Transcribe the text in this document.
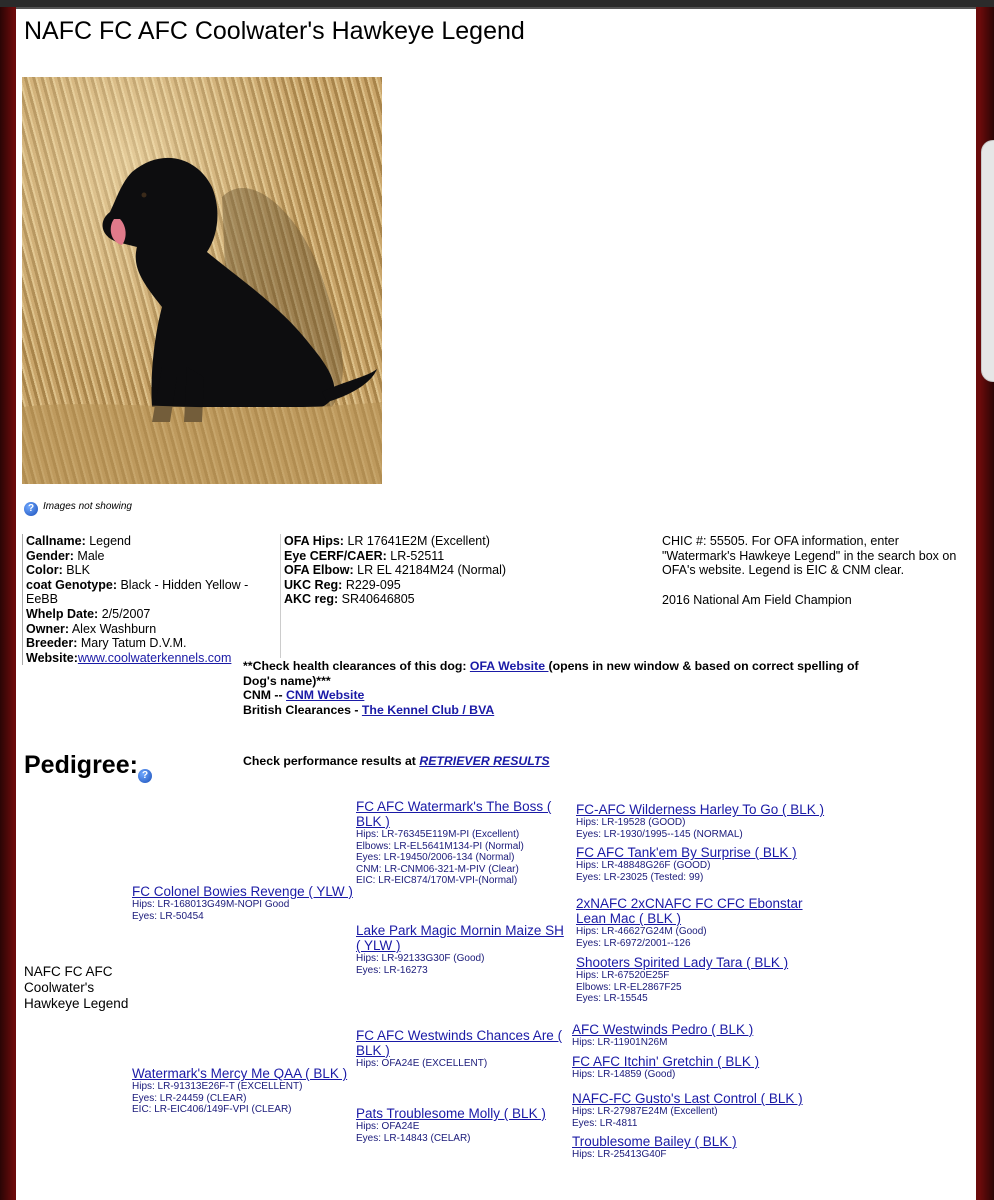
NAFC FC AFC Coolwater's Hawkeye Legend
? Images not showing
Callname: Legend
Gender: Male
Color: BLK
coat Genotype: Black - Hidden Yellow - EeBB
Whelp Date: 2/5/2007
Owner: Alex Washburn
Breeder: Mary Tatum D.V.M.
Website:www.coolwaterkennels.com
OFA Hips: LR 17641E2M (Excellent)
Eye CERF/CAER: LR-52511
OFA Elbow: LR EL 42184M24 (Normal)
UKC Reg: R229-095
AKC reg: SR40646805
CHIC #: 55505. For OFA information, enter "Watermark's Hawkeye Legend" in the search box on OFA's website. Legend is EIC & CNM clear.
2016 National Am Field Champion
**Check health clearances of this dog: OFA Website (opens in new window & based on correct spelling of Dog's name)***
CNM -- CNM Website
British Clearances - The Kennel Club / BVA
Pedigree: ?
Check performance results at RETRIEVER RESULTS
NAFC FC AFC Coolwater's Hawkeye Legend
FC Colonel Bowies Revenge ( YLW )
Hips: LR-168013G49M-NOPI Good
Eyes: LR-50454
Watermark's Mercy Me QAA ( BLK )
Hips: LR-91313E26F-T (EXCELLENT)
Eyes: LR-24459 (CLEAR)
EIC: LR-EIC406/149F-VPI (CLEAR)
FC AFC Watermark's The Boss ( BLK )
Hips: LR-76345E119M-PI (Excellent)
Elbows: LR-EL5641M134-PI (Normal)
Eyes: LR-19450/2006-134 (Normal)
CNM: LR-CNM06-321-M-PIV (Clear)
EIC: LR-EIC874/170M-VPI-(Normal)
Lake Park Magic Mornin Maize SH ( YLW )
Hips: LR-92133G30F (Good)
Eyes: LR-16273
FC AFC Westwinds Chances Are ( BLK )
Hips: OFA24E (EXCELLENT)
Pats Troublesome Molly ( BLK )
Hips: OFA24E
Eyes: LR-14843 (CELAR)
FC-AFC Wilderness Harley To Go ( BLK )
Hips: LR-19528 (GOOD)
Eyes: LR-1930/1995--145 (NORMAL)
FC AFC Tank'em By Surprise ( BLK )
Hips: LR-48848G26F (GOOD)
Eyes: LR-23025 (Tested: 99)
2xNAFC 2xCNAFC FC CFC Ebonstar Lean Mac ( BLK )
Hips: LR-46627G24M (Good)
Eyes: LR-6972/2001--126
Shooters Spirited Lady Tara ( BLK )
Hips: LR-67520E25F
Elbows: LR-EL2867F25
Eyes: LR-15545
AFC Westwinds Pedro ( BLK )
Hips: LR-11901N26M
FC AFC Itchin' Gretchin ( BLK )
Hips: LR-14859 (Good)
NAFC-FC Gusto's Last Control ( BLK )
Hips: LR-27987E24M (Excellent)
Eyes: LR-4811
Troublesome Bailey ( BLK )
Hips: LR-25413G40F
